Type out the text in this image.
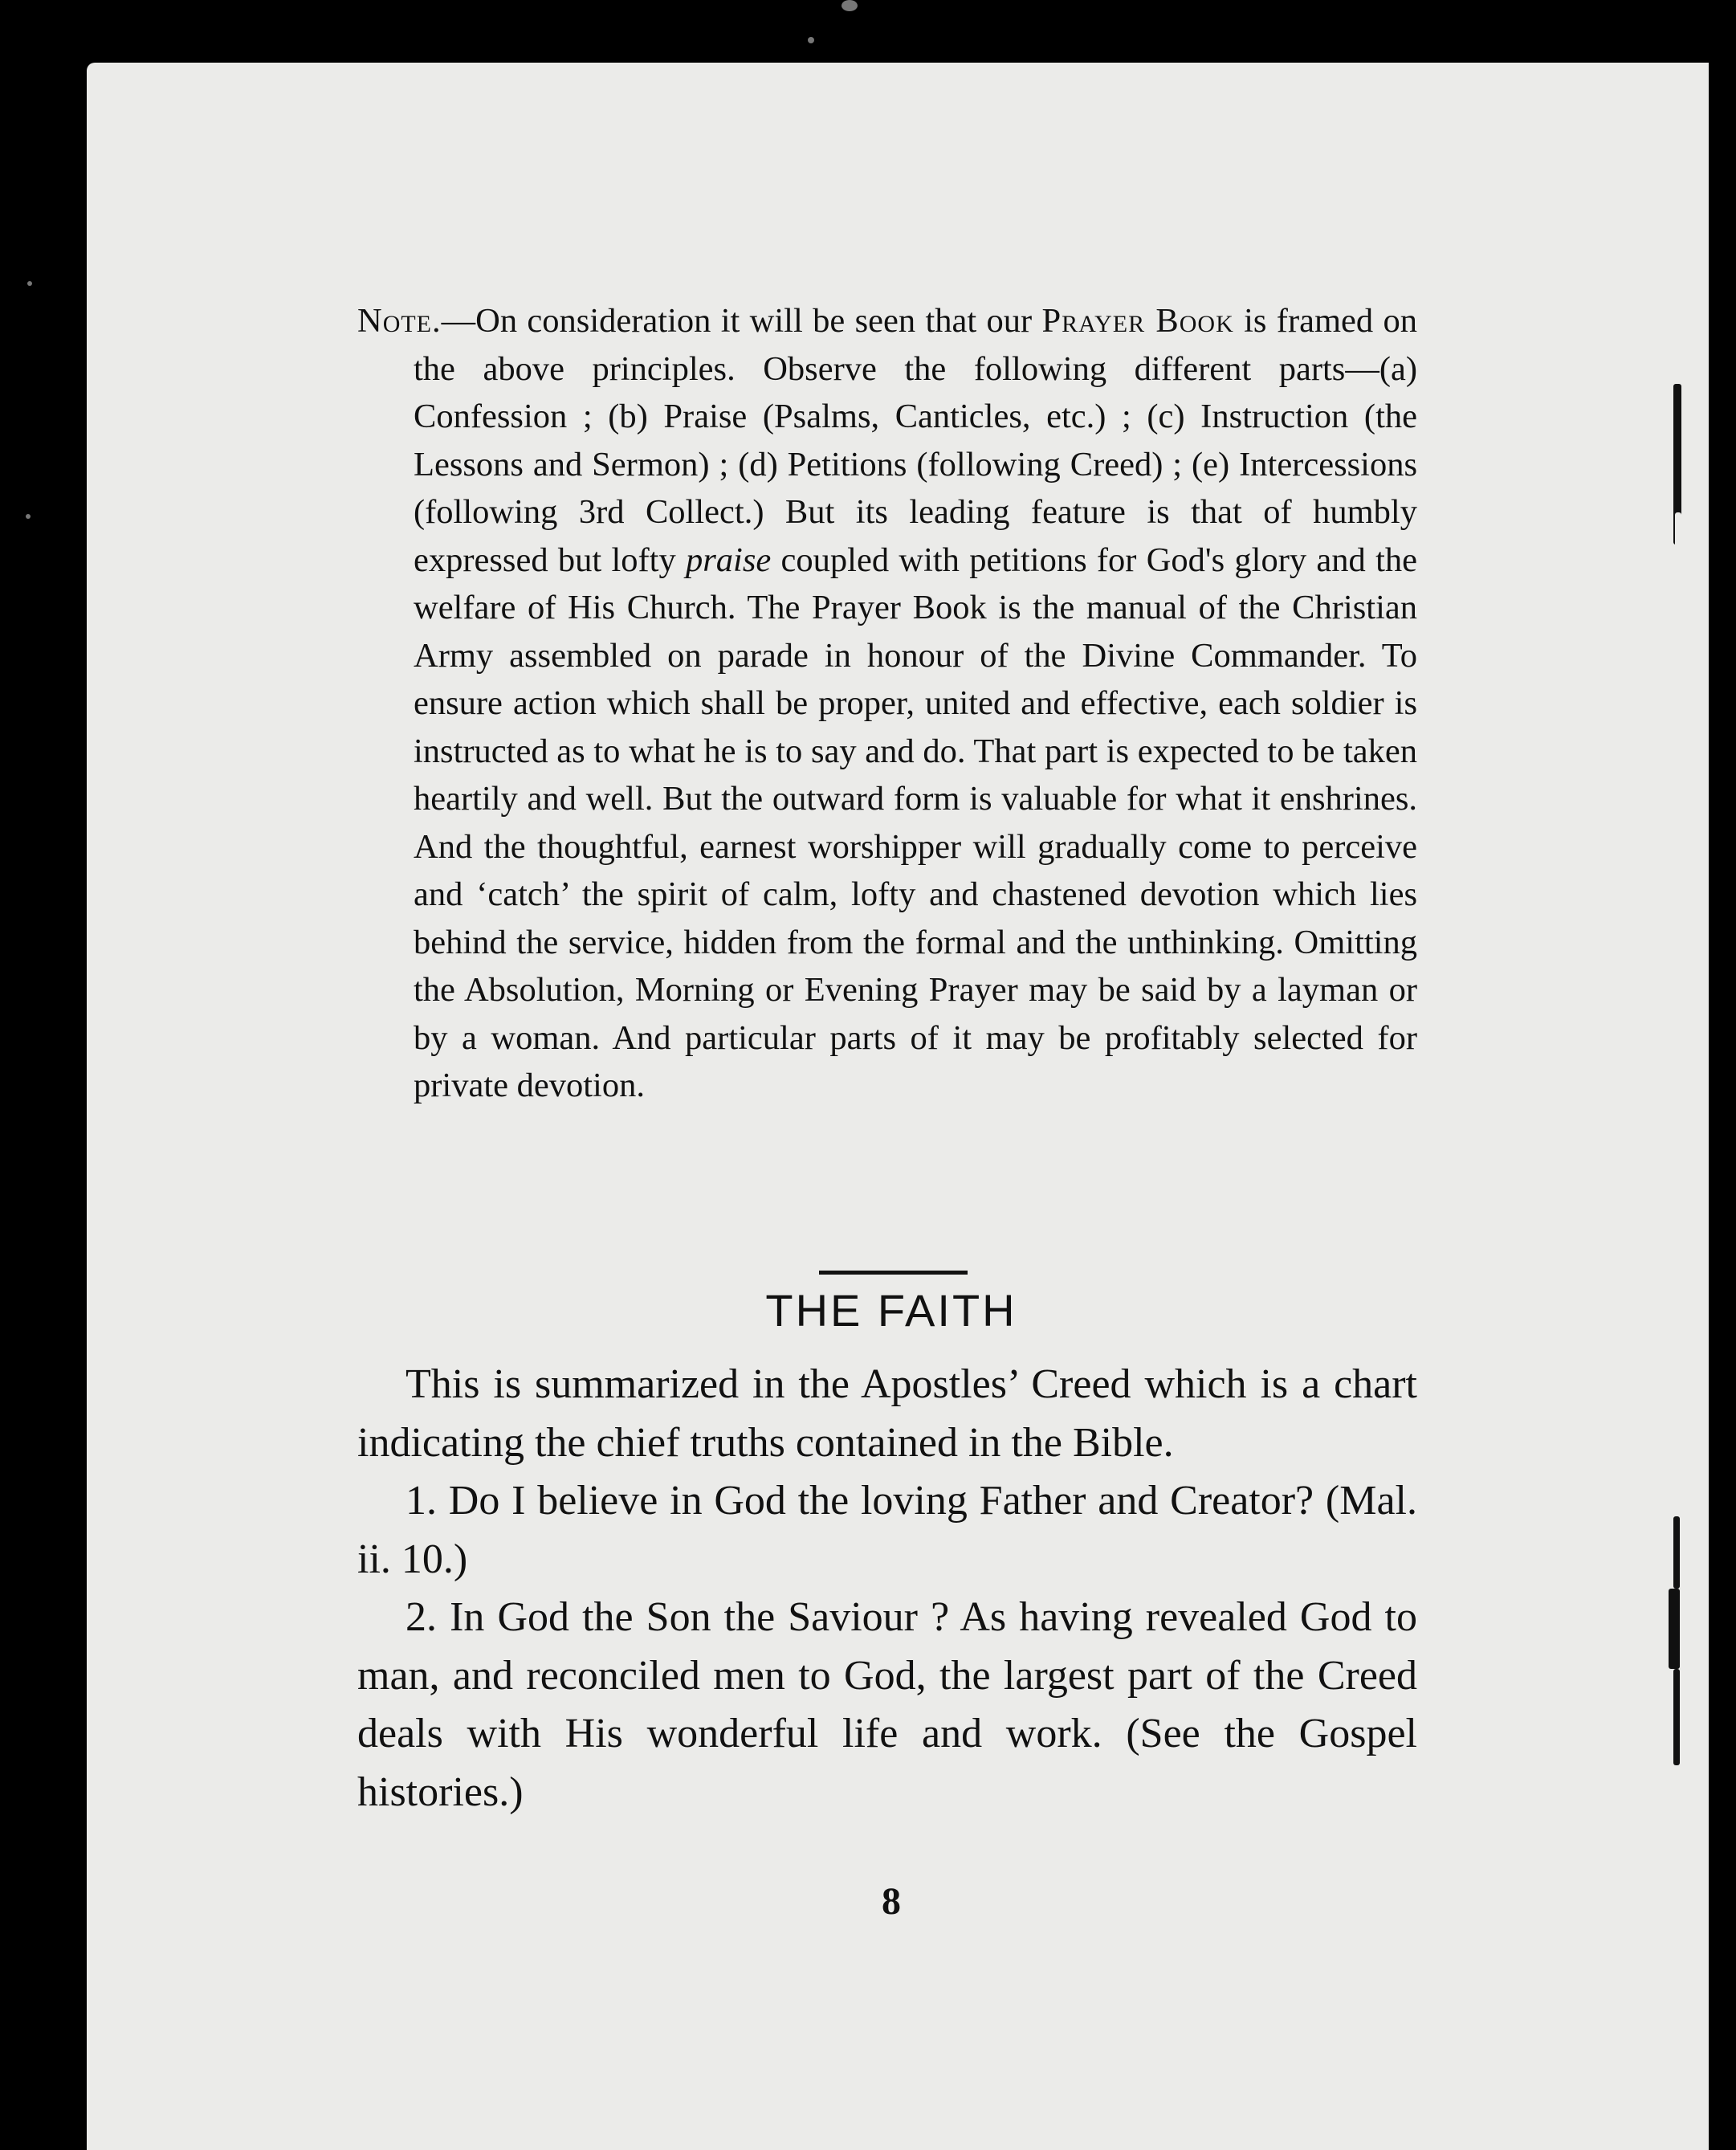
Note.—On consideration it will be seen that our Prayer Book is framed on the above principles. Observe the following different parts—(a) Confession ; (b) Praise (Psalms, Canticles, etc.) ; (c) Instruction (the Lessons and Sermon) ; (d) Petitions (following Creed) ; (e) Intercessions (following 3rd Collect.) But its leading feature is that of humbly expressed but lofty praise coupled with petitions for God's glory and the welfare of His Church. The Prayer Book is the manual of the Christian Army assembled on parade in honour of the Divine Commander. To ensure action which shall be proper, united and effective, each soldier is instructed as to what he is to say and do. That part is expected to be taken heartily and well. But the outward form is valuable for what it enshrines. And the thoughtful, earnest worshipper will gradually come to perceive and ‘catch’ the spirit of calm, lofty and chastened devotion which lies behind the service, hidden from the formal and the unthinking. Omitting the Absolution, Morning or Evening Prayer may be said by a layman or by a woman. And particular parts of it may be profitably selected for private devotion.

THE FAITH

This is summarized in the Apostles’ Creed which is a chart indicating the chief truths contained in the Bible.

1. Do I believe in God the loving Father and Creator? (Mal. ii. 10.)

2. In God the Son the Saviour ? As having revealed God to man, and reconciled men to God, the largest part of the Creed deals with His wonderful life and work. (See the Gospel histories.)

8
